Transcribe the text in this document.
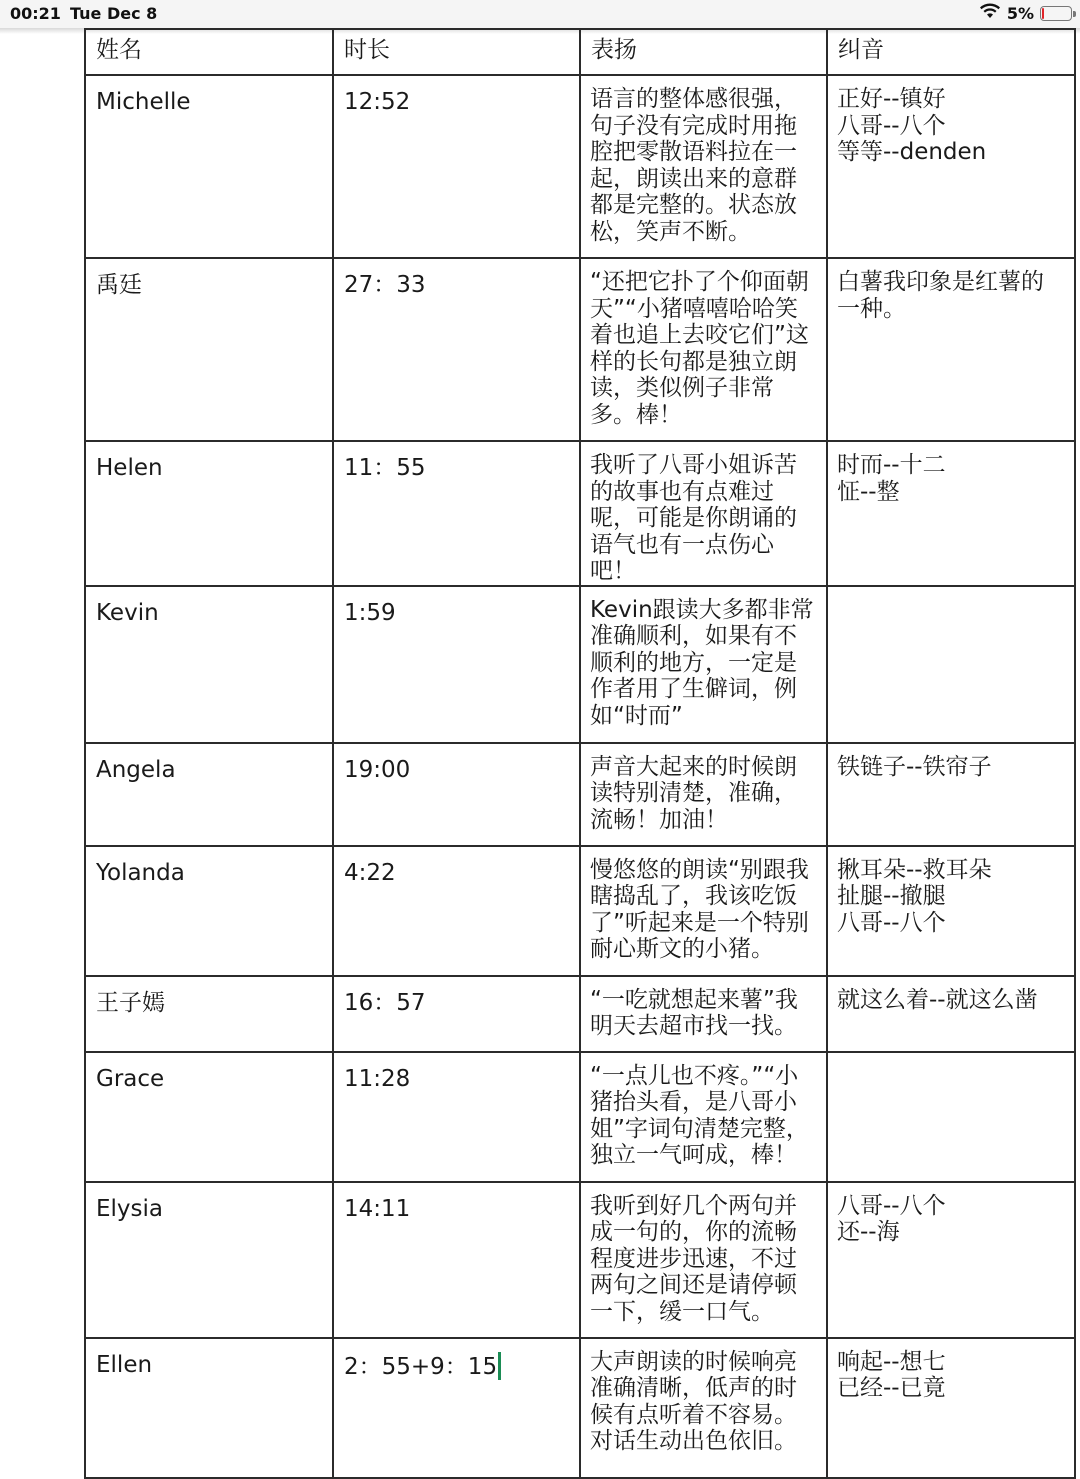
00:21 Tue Dec 8	5%
姓名	时长	表扬	纠音
Michelle	12:52	语言的整体感很强，句子没有完成时用拖腔把零散语料拉在一起，朗读出来的意群都是完整的。状态放松，笑声不断。	正好--镇好
八哥--八个
等等--denden
禹廷	27：33	“还把它扑了个仰面朝天”“小猪嘻嘻哈哈笑着也追上去咬它们”这样的长句都是独立朗读，类似例子非常多。棒！	白薯我印象是红薯的一种。
Helen	11：55	我听了八哥小姐诉苦的故事也有点难过呢，可能是你朗诵的语气也有一点伤心吧！	时而--十二
怔--整
Kevin	1:59	Kevin跟读大多都非常准确顺利，如果有不顺利的地方，一定是作者用了生僻词，例如“时而”	
Angela	19:00	声音大起来的时候朗读特别清楚，准确，流畅！加油！	铁链子--铁帘子
Yolanda	4:22	慢悠悠的朗读“别跟我瞎捣乱了，我该吃饭了”听起来是一个特别耐心斯文的小猪。	揪耳朵--救耳朵
扯腿--撤腿
八哥--八个
王子嫣	16：57	“一吃就想起来薯”我明天去超市找一找。	就这么着--就这么凿
Grace	11:28	“一点儿也不疼。”“小猪抬头看，是八哥小姐”字词句清楚完整，独立一气呵成，棒！	
Elysia	14:11	我听到好几个两句并成一句的，你的流畅程度进步迅速，不过两句之间还是请停顿一下，缓一口气。	八哥--八个
还--海
Ellen	2：55+9：15	大声朗读的时候响亮准确清晰，低声的时候有点听着不容易。对话生动出色依旧。	响起--想七
已经--已竟
